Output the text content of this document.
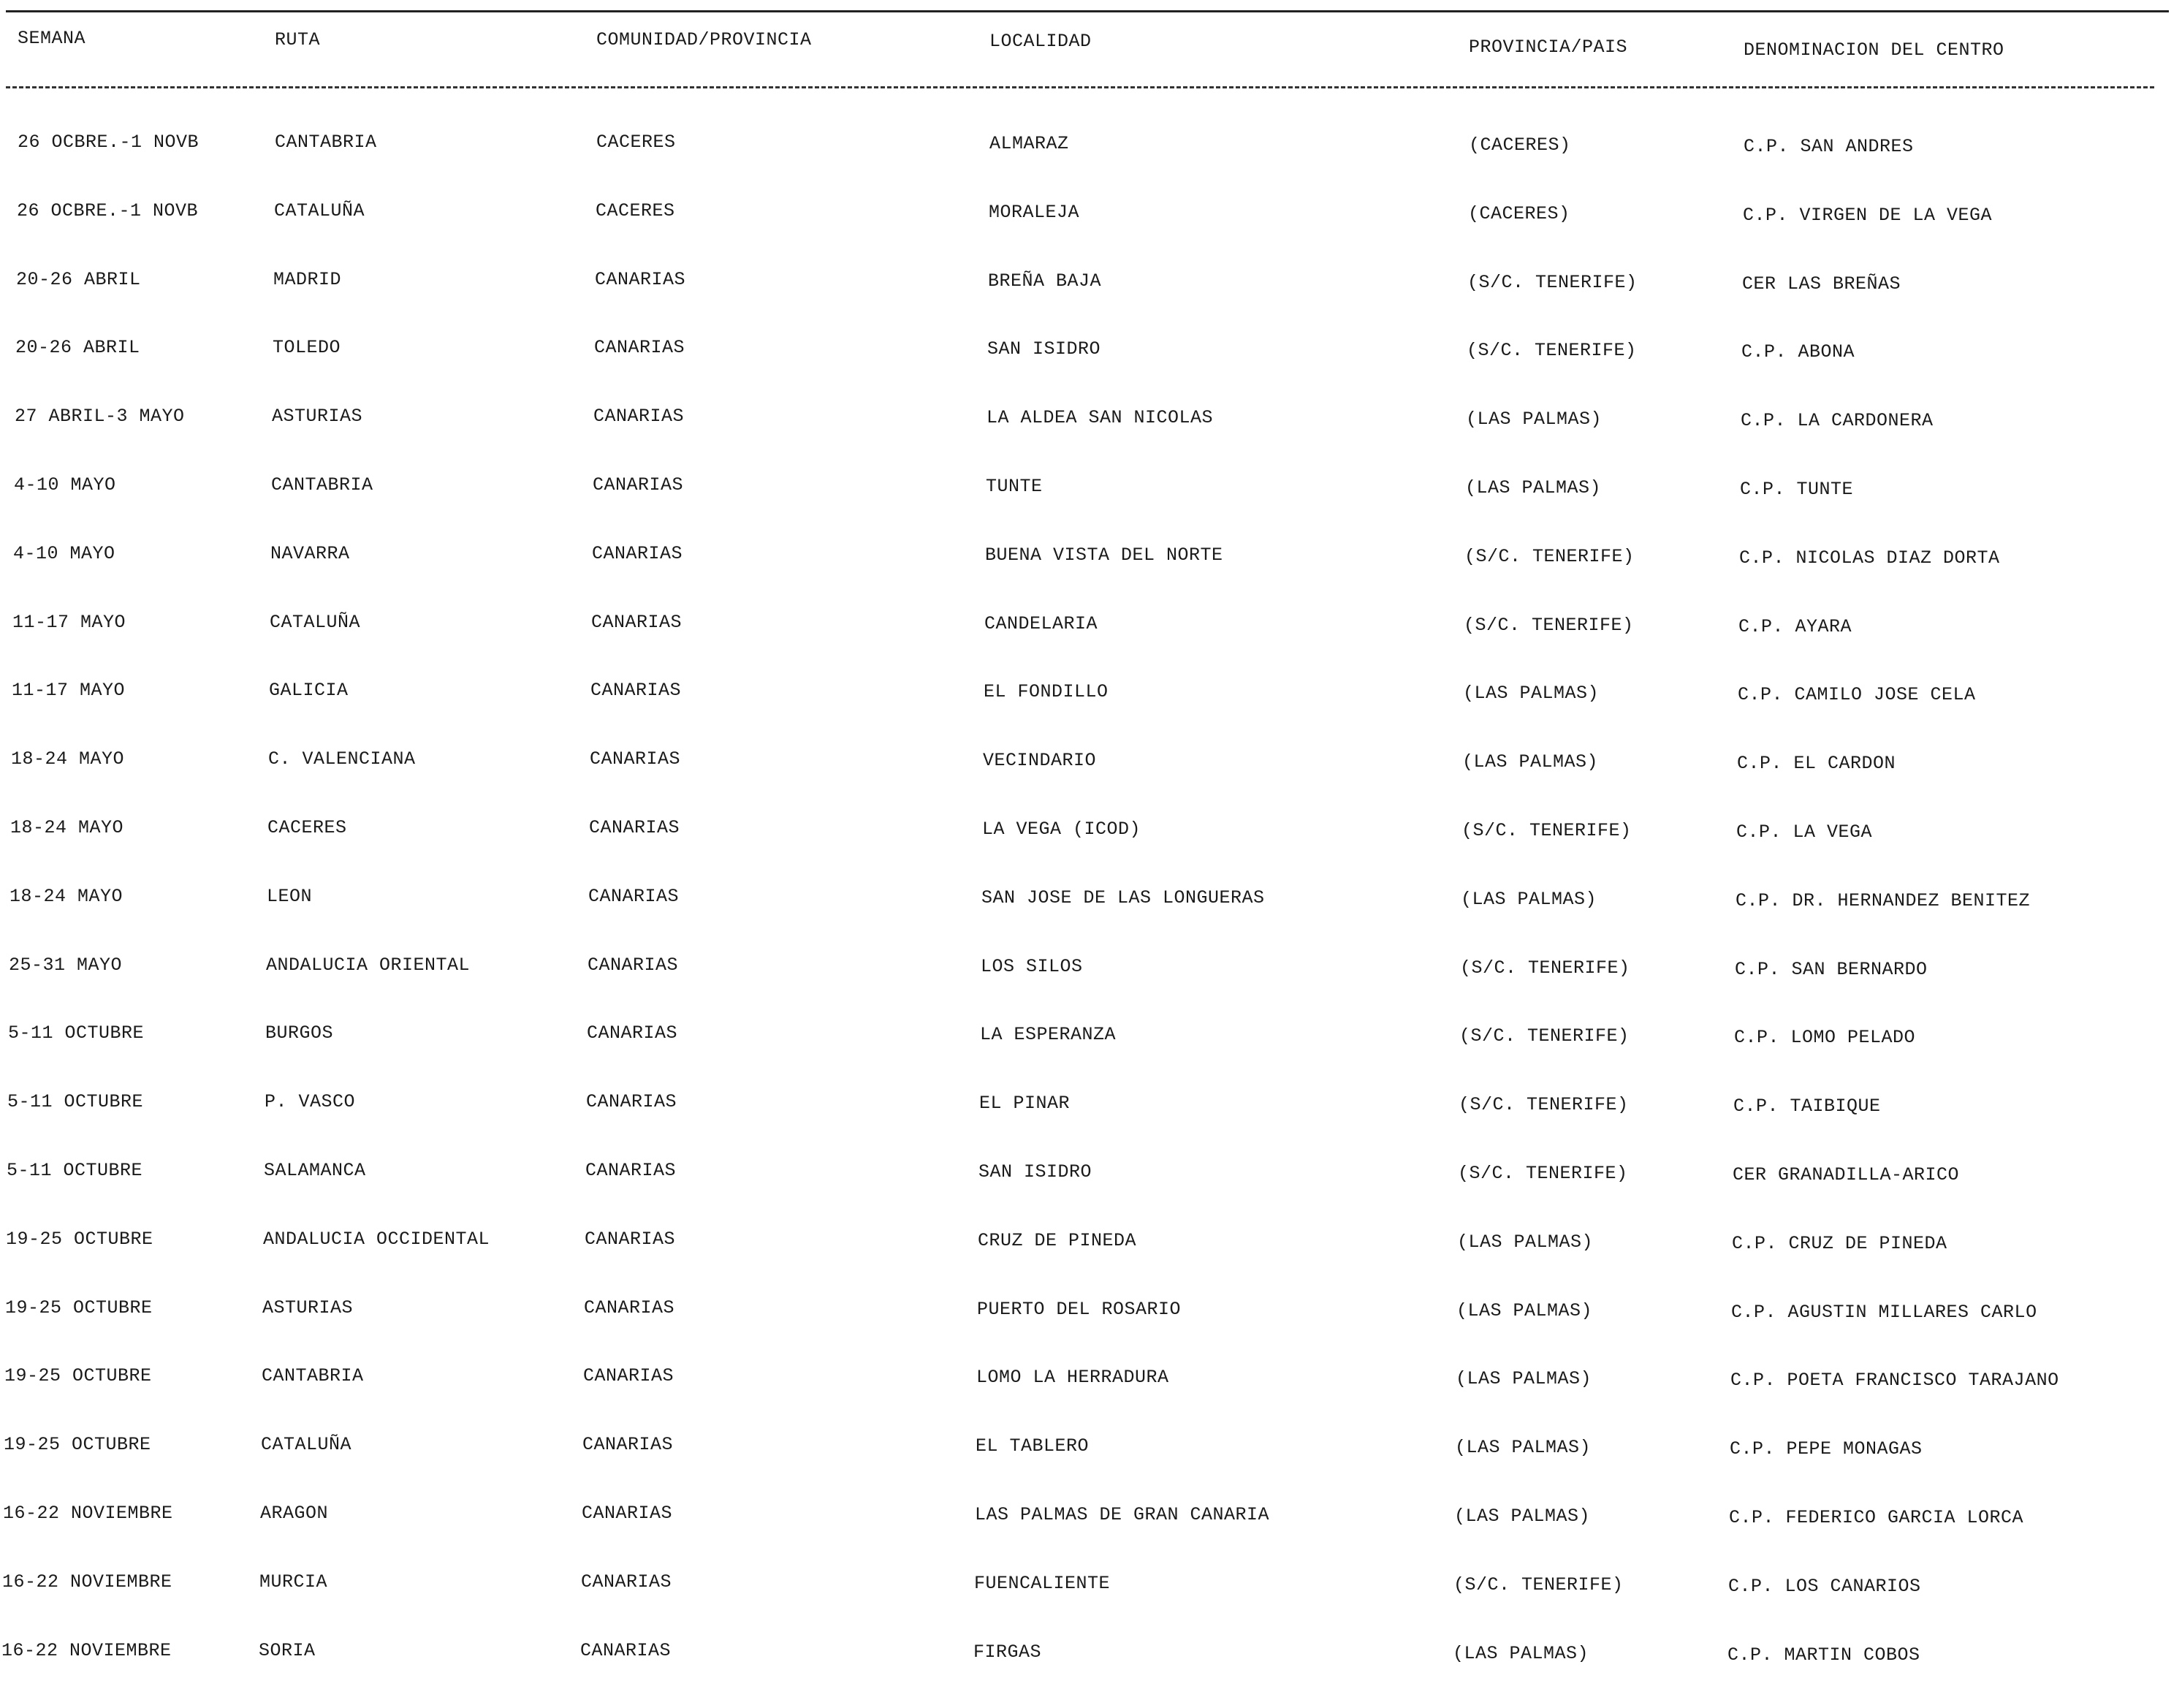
SEMANA	RUTA	COMUNIDAD/PROVINCIA	LOCALIDAD	PROVINCIA/PAIS	DENOMINACION DEL CENTRO
26 OCBRE.-1 NOVB	CANTABRIA	CACERES	ALMARAZ	(CACERES)	C.P. SAN ANDRES
26 OCBRE.-1 NOVB	CATALUÑA	CACERES	MORALEJA	(CACERES)	C.P. VIRGEN DE LA VEGA
20-26 ABRIL	MADRID	CANARIAS	BREÑA BAJA	(S/C. TENERIFE)	CER LAS BREÑAS
20-26 ABRIL	TOLEDO	CANARIAS	SAN ISIDRO	(S/C. TENERIFE)	C.P. ABONA
27 ABRIL-3 MAYO	ASTURIAS	CANARIAS	LA ALDEA SAN NICOLAS	(LAS PALMAS)	C.P. LA CARDONERA
4-10 MAYO	CANTABRIA	CANARIAS	TUNTE	(LAS PALMAS)	C.P. TUNTE
4-10 MAYO	NAVARRA	CANARIAS	BUENA VISTA DEL NORTE	(S/C. TENERIFE)	C.P. NICOLAS DIAZ DORTA
11-17 MAYO	CATALUÑA	CANARIAS	CANDELARIA	(S/C. TENERIFE)	C.P. AYARA
11-17 MAYO	GALICIA	CANARIAS	EL FONDILLO	(LAS PALMAS)	C.P. CAMILO JOSE CELA
18-24 MAYO	C. VALENCIANA	CANARIAS	VECINDARIO	(LAS PALMAS)	C.P. EL CARDON
18-24 MAYO	CACERES	CANARIAS	LA VEGA (ICOD)	(S/C. TENERIFE)	C.P. LA VEGA
18-24 MAYO	LEON	CANARIAS	SAN JOSE DE LAS LONGUERAS	(LAS PALMAS)	C.P. DR. HERNANDEZ BENITEZ
25-31 MAYO	ANDALUCIA ORIENTAL	CANARIAS	LOS SILOS	(S/C. TENERIFE)	C.P. SAN BERNARDO
5-11 OCTUBRE	BURGOS	CANARIAS	LA ESPERANZA	(S/C. TENERIFE)	C.P. LOMO PELADO
5-11 OCTUBRE	P. VASCO	CANARIAS	EL PINAR	(S/C. TENERIFE)	C.P. TAIBIQUE
5-11 OCTUBRE	SALAMANCA	CANARIAS	SAN ISIDRO	(S/C. TENERIFE)	CER GRANADILLA-ARICO
19-25 OCTUBRE	ANDALUCIA OCCIDENTAL	CANARIAS	CRUZ DE PINEDA	(LAS PALMAS)	C.P. CRUZ DE PINEDA
19-25 OCTUBRE	ASTURIAS	CANARIAS	PUERTO DEL ROSARIO	(LAS PALMAS)	C.P. AGUSTIN MILLARES CARLO
19-25 OCTUBRE	CANTABRIA	CANARIAS	LOMO LA HERRADURA	(LAS PALMAS)	C.P. POETA FRANCISCO TARAJANO
19-25 OCTUBRE	CATALUÑA	CANARIAS	EL TABLERO	(LAS PALMAS)	C.P. PEPE MONAGAS
16-22 NOVIEMBRE	ARAGON	CANARIAS	LAS PALMAS DE GRAN CANARIA	(LAS PALMAS)	C.P. FEDERICO GARCIA LORCA
16-22 NOVIEMBRE	MURCIA	CANARIAS	FUENCALIENTE	(S/C. TENERIFE)	C.P. LOS CANARIOS
16-22 NOVIEMBRE	SORIA	CANARIAS	FIRGAS	(LAS PALMAS)	C.P. MARTIN COBOS
